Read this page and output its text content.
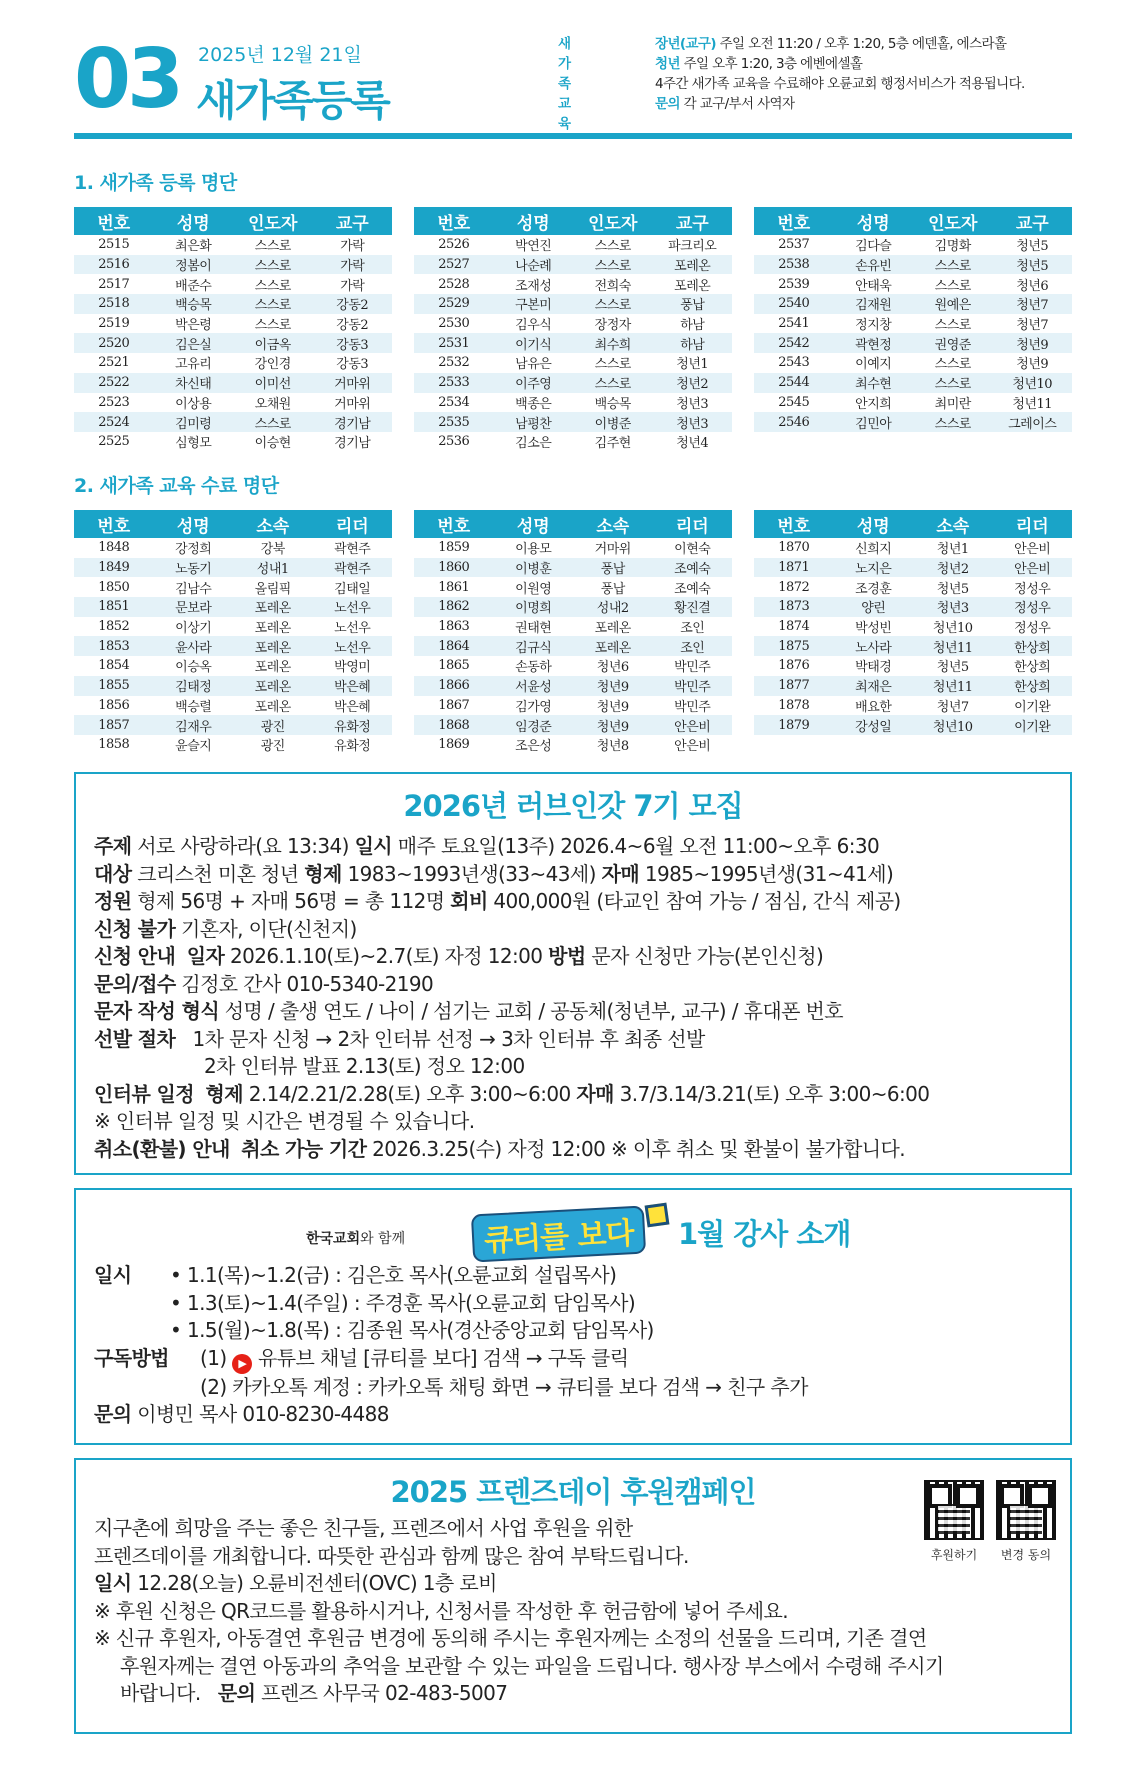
03 2025년 12월 21일
새가족등록
새가족 교육
장년(교구) 주일 오전 11:20 / 오후 1:20, 5층 에덴홀, 에스라홀
청년 주일 오후 1:20, 3층 에벤에셀홀
4주간 새가족 교육을 수료해야 오륜교회 행정서비스가 적용됩니다.
문의 각 교구/부서 사역자
1. 새가족 등록 명단
번호	성명	인도자	교구
2515	최은화	스스로	가락
2516	정봄이	스스로	가락
2517	배준수	스스로	가락
2518	백승목	스스로	강동2
2519	박은령	스스로	강동2
2520	김은실	이금옥	강동3
2521	고유리	강인경	강동3
2522	차신태	이미선	거마위
2523	이상용	오채원	거마위
2524	김미령	스스로	경기남
2525	심형모	이승현	경기남
번호	성명	인도자	교구
2526	박연진	스스로	파크리오
2527	나순례	스스로	포레온
2528	조재성	전희숙	포레온
2529	구본미	스스로	풍납
2530	김우식	장정자	하남
2531	이기식	최수희	하남
2532	남유은	스스로	청년1
2533	이주영	스스로	청년2
2534	백종은	백승목	청년3
2535	남평찬	이병준	청년3
2536	김소은	김주현	청년4
번호	성명	인도자	교구
2537	김다슬	김명화	청년5
2538	손유빈	스스로	청년5
2539	안태욱	스스로	청년6
2540	김재원	원예은	청년7
2541	정지창	스스로	청년7
2542	곽현정	권영준	청년9
2543	이예지	스스로	청년9
2544	최수현	스스로	청년10
2545	안지희	최미란	청년11
2546	김민아	스스로	그레이스
2. 새가족 교육 수료 명단
번호	성명	소속	리더
1848	강정희	강북	곽현주
1849	노동기	성내1	곽현주
1850	김남수	올림픽	김태일
1851	문보라	포레온	노선우
1852	이상기	포레온	노선우
1853	윤사라	포레온	노선우
1854	이승옥	포레온	박영미
1855	김태정	포레온	박은혜
1856	백승렬	포레온	박은혜
1857	김재우	광진	유화정
1858	윤슬지	광진	유화정
번호	성명	소속	리더
1859	이용모	거마위	이현숙
1860	이병훈	풍납	조예숙
1861	이원영	풍납	조예숙
1862	이명희	성내2	황진결
1863	권태현	포레온	조인
1864	김규식	포레온	조인
1865	손동하	청년6	박민주
1866	서윤성	청년9	박민주
1867	김가영	청년9	박민주
1868	임경준	청년9	안은비
1869	조은성	청년8	안은비
번호	성명	소속	리더
1870	신희지	청년1	안은비
1871	노지은	청년2	안은비
1872	조경훈	청년5	정성우
1873	양린	청년3	정성우
1874	박성빈	청년10	정성우
1875	노사라	청년11	한상희
1876	박태경	청년5	한상희
1877	최재은	청년11	한상희
1878	배요한	청년7	이기완
1879	강성일	청년10	이기완
2026년 러브인갓 7기 모집
주제 서로 사랑하라(요 13:34) 일시 매주 토요일(13주) 2026.4~6월 오전 11:00~오후 6:30
대상 크리스천 미혼 청년 형제 1983~1993년생(33~43세) 자매 1985~1995년생(31~41세)
정원 형제 56명 + 자매 56명 = 총 112명 회비 400,000원 (타교인 참여 가능 / 점심, 간식 제공)
신청 불가 기혼자, 이단(신천지)
신청 안내 일자 2026.1.10(토)~2.7(토) 자정 12:00 방법 문자 신청만 가능(본인신청)
문의/접수 김정호 간사 010-5340-2190
문자 작성 형식 성명 / 출생 연도 / 나이 / 섬기는 교회 / 공동체(청년부, 교구) / 휴대폰 번호
선발 절차 1차 문자 신청 → 2차 인터뷰 선정 → 3차 인터뷰 후 최종 선발
2차 인터뷰 발표 2.13(토) 정오 12:00
인터뷰 일정 형제 2.14/2.21/2.28(토) 오후 3:00~6:00 자매 3.7/3.14/3.21(토) 오후 3:00~6:00
※ 인터뷰 일정 및 시간은 변경될 수 있습니다.
취소(환불) 안내 취소 가능 기간 2026.3.25(수) 자정 12:00 ※ 이후 취소 및 환불이 불가합니다.
한국교회와 함께	큐티를 보다	1월 강사 소개
일시	• 1.1(목)~1.2(금) : 김은호 목사(오륜교회 설립목사)
• 1.3(토)~1.4(주일) : 주경훈 목사(오륜교회 담임목사)
• 1.5(월)~1.8(목) : 김종원 목사(경산중앙교회 담임목사)
구독방법	(1) ▶ 유튜브 채널 [큐티를 보다] 검색 → 구독 클릭
(2) 카카오톡 계정 : 카카오톡 채팅 화면 → 큐티를 보다 검색 → 친구 추가
문의 이병민 목사 010-8230-4488
2025 프렌즈데이 후원캠페인
지구촌에 희망을 주는 좋은 친구들, 프렌즈에서 사업 후원을 위한
프렌즈데이를 개최합니다. 따뜻한 관심과 함께 많은 참여 부탁드립니다.
일시 12.28(오늘) 오륜비전센터(OVC) 1층 로비
※ 후원 신청은 QR코드를 활용하시거나, 신청서를 작성한 후 헌금함에 넣어 주세요.
※ 신규 후원자, 아동결연 후원금 변경에 동의해 주시는 후원자께는 소정의 선물을 드리며, 기존 결연
후원자께는 결연 아동과의 추억을 보관할 수 있는 파일을 드립니다. 행사장 부스에서 수령해 주시기
바랍니다. 문의 프렌즈 사무국 02-483-5007
후원하기	변경 동의
